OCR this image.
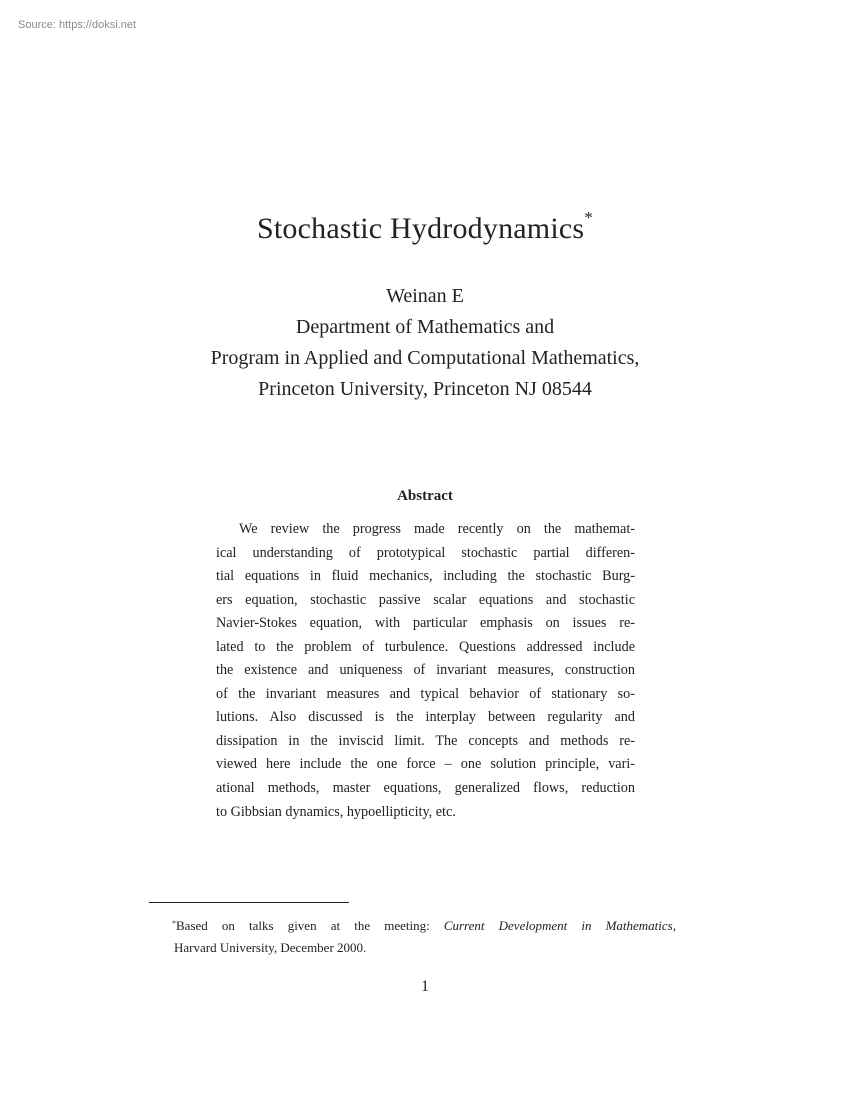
Source: https://doksi.net
Stochastic Hydrodynamics*
Weinan E
Department of Mathematics and
Program in Applied and Computational Mathematics,
Princeton University, Princeton NJ 08544
Abstract
We review the progress made recently on the mathemat-
ical understanding of prototypical stochastic partial differen-
tial equations in fluid mechanics, including the stochastic Burg-
ers equation, stochastic passive scalar equations and stochastic
Navier-Stokes equation, with particular emphasis on issues re-
lated to the problem of turbulence. Questions addressed include
the existence and uniqueness of invariant measures, construction
of the invariant measures and typical behavior of stationary so-
lutions. Also discussed is the interplay between regularity and
dissipation in the inviscid limit. The concepts and methods re-
viewed here include the one force – one solution principle, vari-
ational methods, master equations, generalized flows, reduction
to Gibbsian dynamics, hypoellipticity, etc.
*Based on talks given at the meeting: Current Development in Mathematics,
Harvard University, December 2000.
1
